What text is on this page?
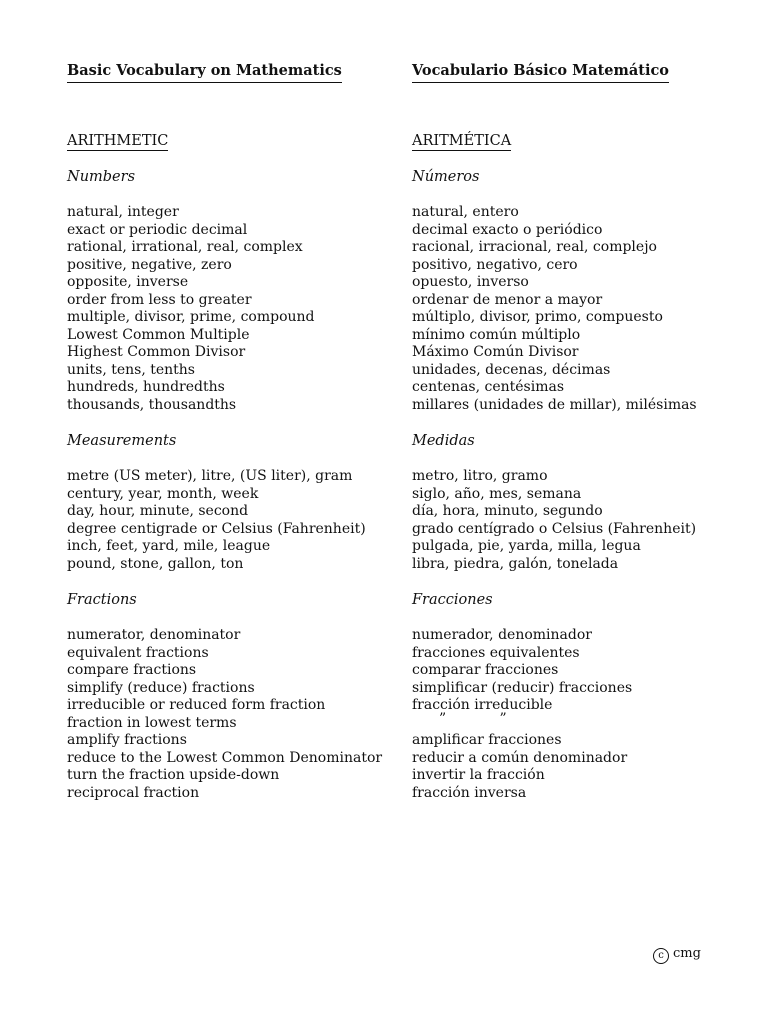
Basic Vocabulary on Mathematics
ARITHMETIC
Numbers
natural, integer
exact or periodic decimal
rational, irrational, real, complex
positive, negative, zero
opposite, inverse
order from less to greater
multiple, divisor, prime, compound
Lowest Common Multiple
Highest Common Divisor
units, tens, tenths
hundreds, hundredths
thousands, thousandths
Measurements
metre (US meter), litre, (US liter), gram
century, year, month, week
day, hour, minute, second
degree centigrade or Celsius (Fahrenheit)
inch, feet, yard, mile, league
pound, stone, gallon, ton
Fractions
numerator, denominator
equivalent fractions
compare fractions
simplify (reduce) fractions
irreducible or reduced form fraction
fraction in lowest terms
amplify fractions
reduce to the Lowest Common Denominator
turn the fraction upside-down
reciprocal fraction
Vocabulario Básico Matemático
ARITMÉTICA
Números
natural, entero
decimal exacto o periódico
racional, irracional, real, complejo
positivo, negativo, cero
opuesto, inverso
ordenar de menor a mayor
múltiplo, divisor, primo, compuesto
mínimo común múltiplo
Máximo Común Divisor
unidades, decenas, décimas
centenas, centésimas
millares (unidades de millar), milésimas
Medidas
metro, litro, gramo
siglo, año, mes, semana
día, hora, minuto, segundo
grado centígrado o Celsius (Fahrenheit)
pulgada, pie, yarda, milla, legua
libra, piedra, galón, tonelada
Fracciones
numerador, denominador
fracciones equivalentes
comparar fracciones
simplificar (reducir) fracciones
fracción irreducible
”            ”
amplificar fracciones
reducir a común denominador
invertir la fracción
fracción inversa
c cmg
